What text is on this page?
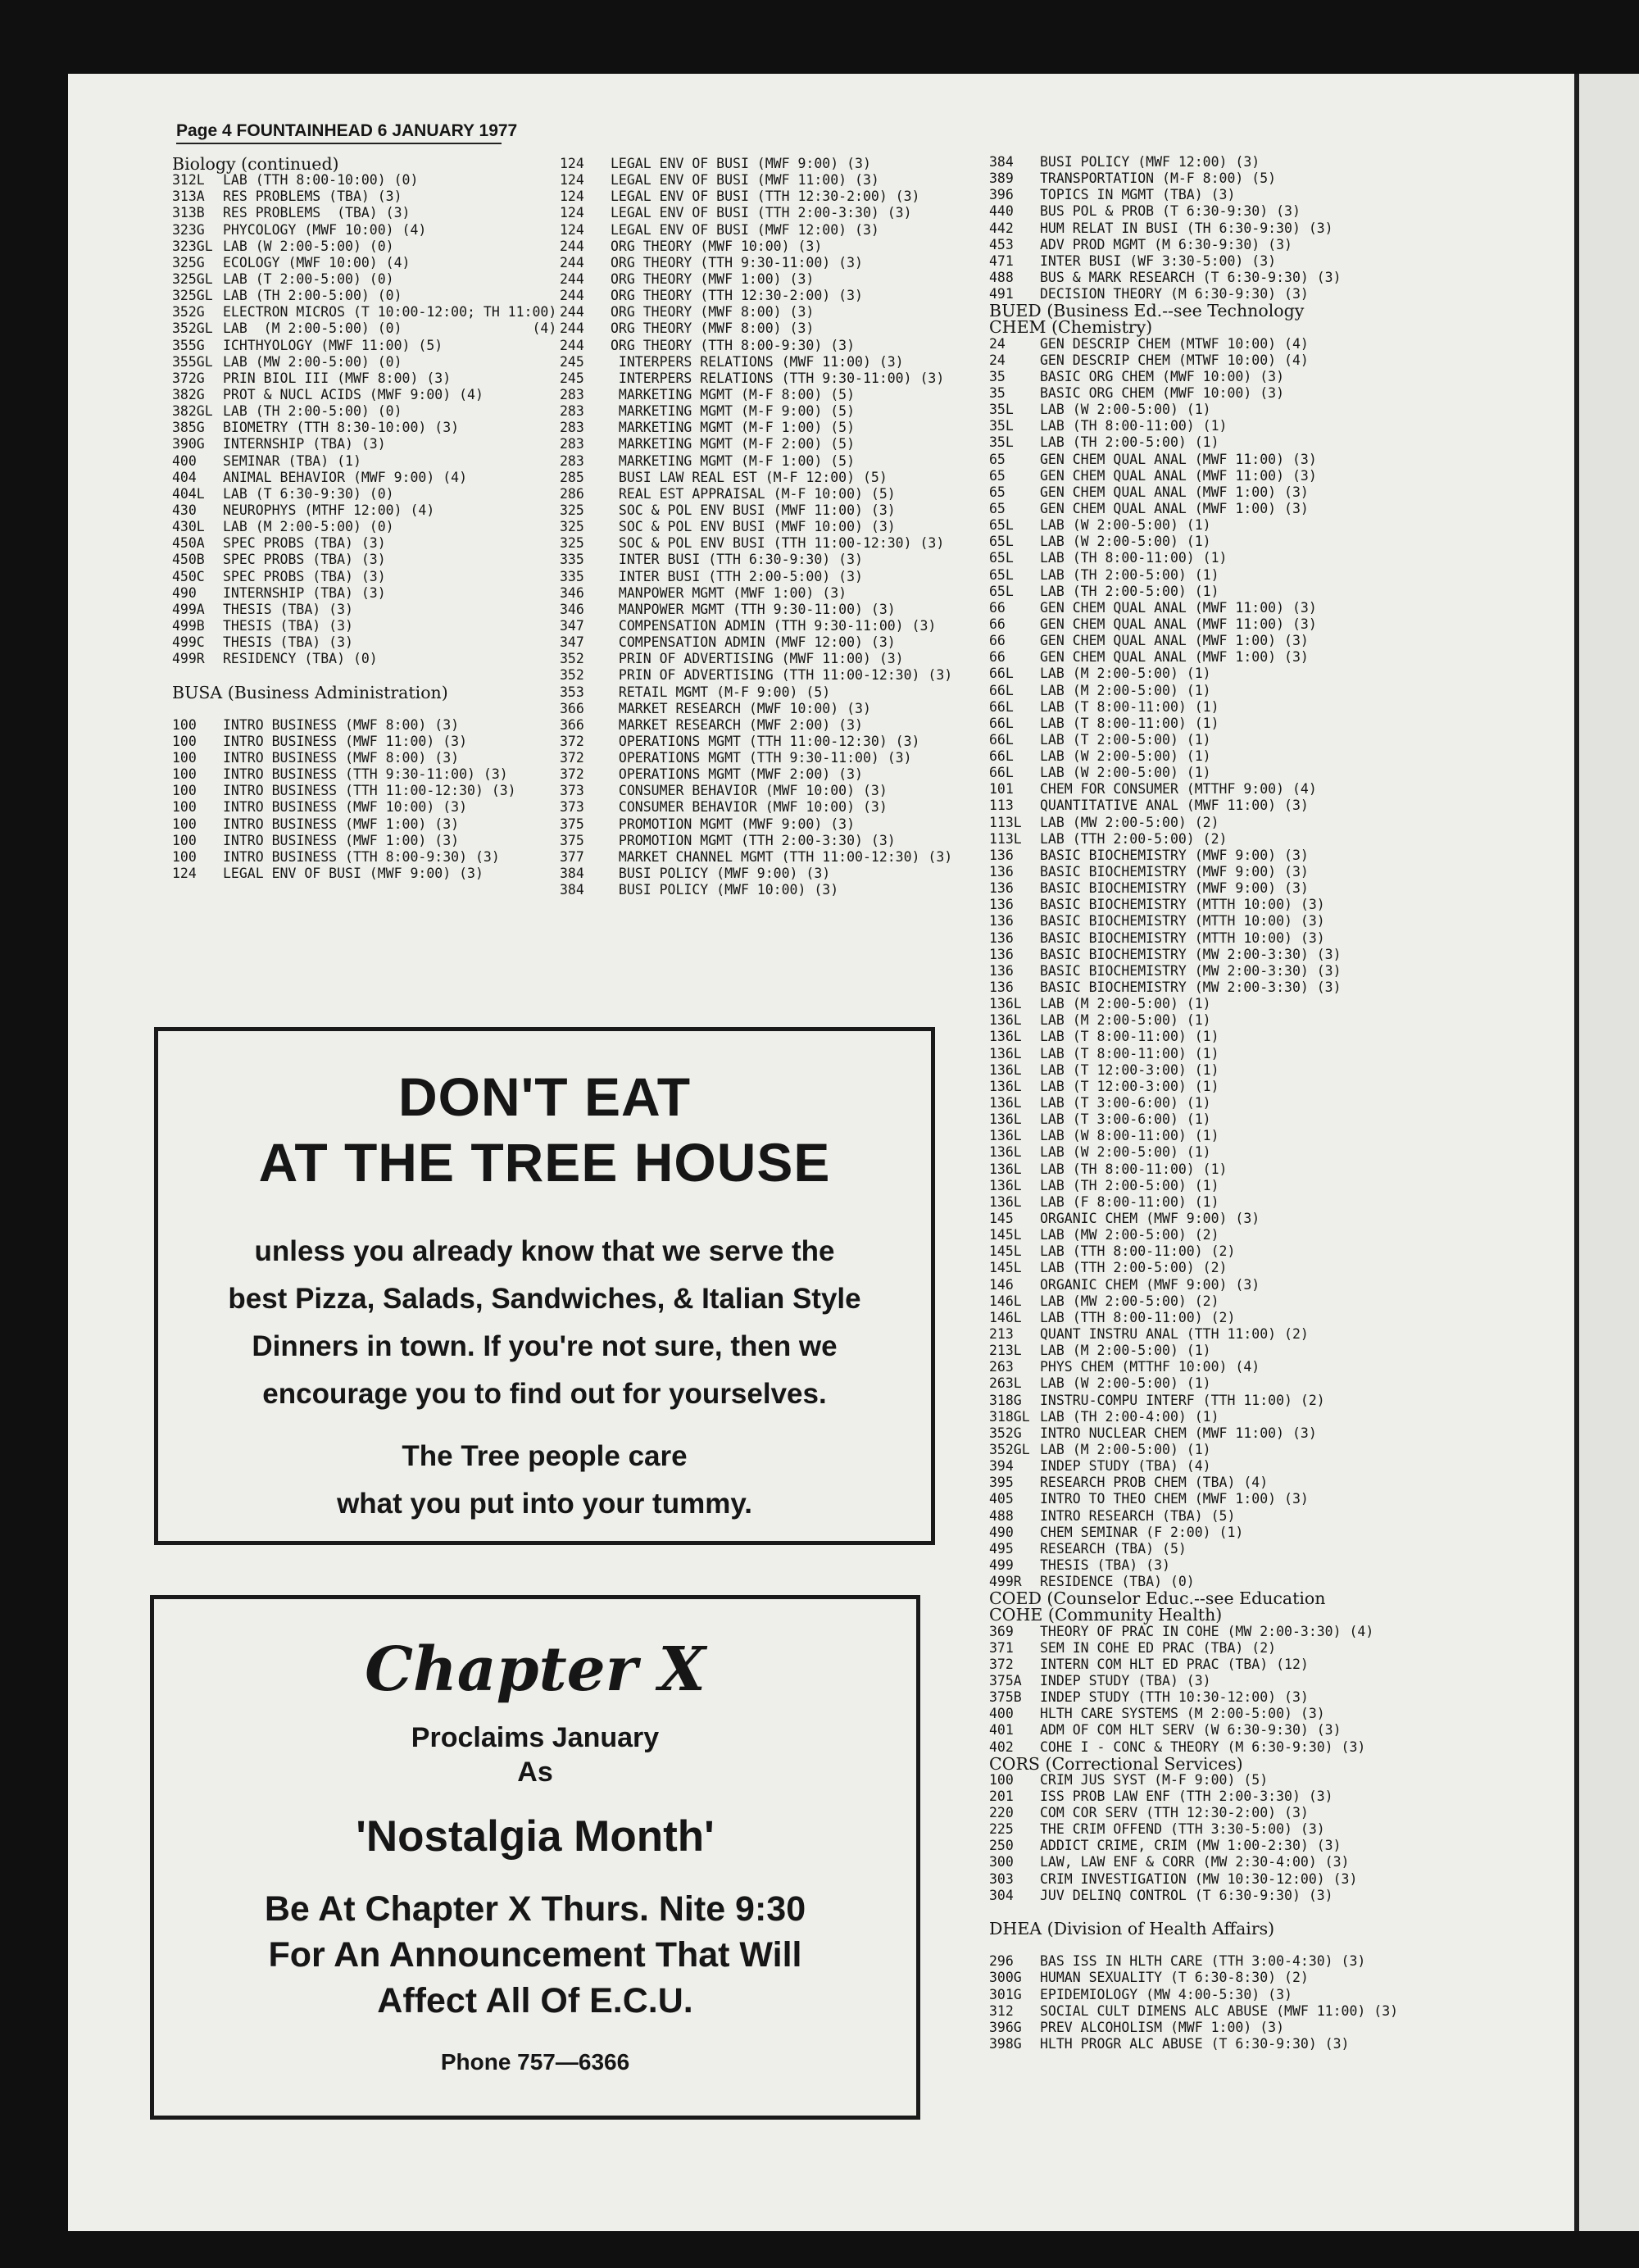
Page 4 FOUNTAINHEAD 6 JANUARY 1977
Biology (continued)
312L LAB (TTH 8:00-10:00) (0)
313A RES PROBLEMS (TBA) (3)
313B RES PROBLEMS  (TBA) (3)
323G PHYCOLOGY (MWF 10:00) (4)
323GL LAB (W 2:00-5:00) (0)
325G ECOLOGY (MWF 10:00) (4)
325GL LAB (T 2:00-5:00) (0)
325GL LAB (TH 2:00-5:00) (0)
352G ELECTRON MICROS (T 10:00-12:00; TH 11:00)
352GL LAB  (M 2:00-5:00) (0)                (4)
355G ICHTHYOLOGY (MWF 11:00) (5)
355GL LAB (MW 2:00-5:00) (0)
372G PRIN BIOL III (MWF 8:00) (3)
382G PROT & NUCL ACIDS (MWF 9:00) (4)
382GL LAB (TH 2:00-5:00) (0)
385G BIOMETRY (TTH 8:30-10:00) (3)
390G INTERNSHIP (TBA) (3)
400 SEMINAR (TBA) (1)
404 ANIMAL BEHAVIOR (MWF 9:00) (4)
404L LAB (T 6:30-9:30) (0)
430 NEUROPHYS (MTHF 12:00) (4)
430L LAB (M 2:00-5:00) (0)
450A SPEC PROBS (TBA) (3)
450B SPEC PROBS (TBA) (3)
450C SPEC PROBS (TBA) (3)
490 INTERNSHIP (TBA) (3)
499A THESIS (TBA) (3)
499B THESIS (TBA) (3)
499C THESIS (TBA) (3)
499R RESIDENCY (TBA) (0)
BUSA (Business Administration)
100 INTRO BUSINESS (MWF 8:00) (3)
100 INTRO BUSINESS (MWF 11:00) (3)
100 INTRO BUSINESS (MWF 8:00) (3)
100 INTRO BUSINESS (TTH 9:30-11:00) (3)
100 INTRO BUSINESS (TTH 11:00-12:30) (3)
100 INTRO BUSINESS (MWF 10:00) (3)
100 INTRO BUSINESS (MWF 1:00) (3)
100 INTRO BUSINESS (MWF 1:00) (3)
100 INTRO BUSINESS (TTH 8:00-9:30) (3)
124 LEGAL ENV OF BUSI (MWF 9:00) (3)
124 LEGAL ENV OF BUSI (MWF 9:00) (3)
124 LEGAL ENV OF BUSI (MWF 11:00) (3)
124 LEGAL ENV OF BUSI (TTH 12:30-2:00) (3)
124 LEGAL ENV OF BUSI (TTH 2:00-3:30) (3)
124 LEGAL ENV OF BUSI (MWF 12:00) (3)
244 ORG THEORY (MWF 10:00) (3)
244 ORG THEORY (TTH 9:30-11:00) (3)
244 ORG THEORY (MWF 1:00) (3)
244 ORG THEORY (TTH 12:30-2:00) (3)
244 ORG THEORY (MWF 8:00) (3)
244 ORG THEORY (MWF 8:00) (3)
244 ORG THEORY (TTH 8:00-9:30) (3)
245 INTERPERS RELATIONS (MWF 11:00) (3)
245 INTERPERS RELATIONS (TTH 9:30-11:00) (3)
283 MARKETING MGMT (M-F 8:00) (5)
283 MARKETING MGMT (M-F 9:00) (5)
283 MARKETING MGMT (M-F 1:00) (5)
283 MARKETING MGMT (M-F 2:00) (5)
283 MARKETING MGMT (M-F 1:00) (5)
285 BUSI LAW REAL EST (M-F 12:00) (5)
286 REAL EST APPRAISAL (M-F 10:00) (5)
325 SOC & POL ENV BUSI (MWF 11:00) (3)
325 SOC & POL ENV BUSI (MWF 10:00) (3)
325 SOC & POL ENV BUSI (TTH 11:00-12:30) (3)
335 INTER BUSI (TTH 6:30-9:30) (3)
335 INTER BUSI (TTH 2:00-5:00) (3)
346 MANPOWER MGMT (MWF 1:00) (3)
346 MANPOWER MGMT (TTH 9:30-11:00) (3)
347 COMPENSATION ADMIN (TTH 9:30-11:00) (3)
347 COMPENSATION ADMIN (MWF 12:00) (3)
352 PRIN OF ADVERTISING (MWF 11:00) (3)
352 PRIN OF ADVERTISING (TTH 11:00-12:30) (3)
353 RETAIL MGMT (M-F 9:00) (5)
366 MARKET RESEARCH (MWF 10:00) (3)
366 MARKET RESEARCH (MWF 2:00) (3)
372 OPERATIONS MGMT (TTH 11:00-12:30) (3)
372 OPERATIONS MGMT (TTH 9:30-11:00) (3)
372 OPERATIONS MGMT (MWF 2:00) (3)
373 CONSUMER BEHAVIOR (MWF 10:00) (3)
373 CONSUMER BEHAVIOR (MWF 10:00) (3)
375 PROMOTION MGMT (MWF 9:00) (3)
375 PROMOTION MGMT (TTH 2:00-3:30) (3)
377 MARKET CHANNEL MGMT (TTH 11:00-12:30) (3)
384 BUSI POLICY (MWF 9:00) (3)
384 BUSI POLICY (MWF 10:00) (3)
384 BUSI POLICY (MWF 12:00) (3)
389 TRANSPORTATION (M-F 8:00) (5)
396 TOPICS IN MGMT (TBA) (3)
440 BUS POL & PROB (T 6:30-9:30) (3)
442 HUM RELAT IN BUSI (TH 6:30-9:30) (3)
453 ADV PROD MGMT (M 6:30-9:30) (3)
471 INTER BUSI (WF 3:30-5:00) (3)
488 BUS & MARK RESEARCH (T 6:30-9:30) (3)
491 DECISION THEORY (M 6:30-9:30) (3)
BUED (Business Ed.--see Technology
CHEM (Chemistry)
24	GEN DESCRIP CHEM (MTWF 10:00) (4)
24	GEN DESCRIP CHEM (MTWF 10:00) (4)
35	BASIC ORG CHEM (MWF 10:00) (3)
35	BASIC ORG CHEM (MWF 10:00) (3)
35L LAB (W 2:00-5:00) (1)
35L LAB (TH 8:00-11:00) (1)
35L LAB (TH 2:00-5:00) (1)
65	GEN CHEM QUAL ANAL (MWF 11:00) (3)
65	GEN CHEM QUAL ANAL (MWF 11:00) (3)
65	GEN CHEM QUAL ANAL (MWF 1:00) (3)
65	GEN CHEM QUAL ANAL (MWF 1:00) (3)
65L LAB (W 2:00-5:00) (1)
65L LAB (W 2:00-5:00) (1)
65L LAB (TH 8:00-11:00) (1)
65L LAB (TH 2:00-5:00) (1)
65L LAB (TH 2:00-5:00) (1)
66	GEN CHEM QUAL ANAL (MWF 11:00) (3)
66	GEN CHEM QUAL ANAL (MWF 11:00) (3)
66	GEN CHEM QUAL ANAL (MWF 1:00) (3)
66	GEN CHEM QUAL ANAL (MWF 1:00) (3)
66L LAB (M 2:00-5:00) (1)
66L LAB (M 2:00-5:00) (1)
66L LAB (T 8:00-11:00) (1)
66L LAB (T 8:00-11:00) (1)
66L LAB (T 2:00-5:00) (1)
66L LAB (W 2:00-5:00) (1)
66L LAB (W 2:00-5:00) (1)
101 CHEM FOR CONSUMER (MTTHF 9:00) (4)
113 QUANTITATIVE ANAL (MWF 11:00) (3)
113L LAB (MW 2:00-5:00) (2)
113L LAB (TTH 2:00-5:00) (2)
136 BASIC BIOCHEMISTRY (MWF 9:00) (3)
136 BASIC BIOCHEMISTRY (MWF 9:00) (3)
136 BASIC BIOCHEMISTRY (MWF 9:00) (3)
136 BASIC BIOCHEMISTRY (MTTH 10:00) (3)
136 BASIC BIOCHEMISTRY (MTTH 10:00) (3)
136 BASIC BIOCHEMISTRY (MTTH 10:00) (3)
136 BASIC BIOCHEMISTRY (MW 2:00-3:30) (3)
136 BASIC BIOCHEMISTRY (MW 2:00-3:30) (3)
136 BASIC BIOCHEMISTRY (MW 2:00-3:30) (3)
136L LAB (M 2:00-5:00) (1)
136L LAB (M 2:00-5:00) (1)
136L LAB (T 8:00-11:00) (1)
136L LAB (T 8:00-11:00) (1)
136L LAB (T 12:00-3:00) (1)
136L LAB (T 12:00-3:00) (1)
136L LAB (T 3:00-6:00) (1)
136L LAB (T 3:00-6:00) (1)
136L LAB (W 8:00-11:00) (1)
136L LAB (W 2:00-5:00) (1)
136L LAB (TH 8:00-11:00) (1)
136L LAB (TH 2:00-5:00) (1)
136L LAB (F 8:00-11:00) (1)
145 ORGANIC CHEM (MWF 9:00) (3)
145L LAB (MW 2:00-5:00) (2)
145L LAB (TTH 8:00-11:00) (2)
145L LAB (TTH 2:00-5:00) (2)
146 ORGANIC CHEM (MWF 9:00) (3)
146L LAB (MW 2:00-5:00) (2)
146L LAB (TTH 8:00-11:00) (2)
213 QUANT INSTRU ANAL (TTH 11:00) (2)
213L LAB (M 2:00-5:00) (1)
263 PHYS CHEM (MTTHF 10:00) (4)
263L LAB (W 2:00-5:00) (1)
318G INSTRU-COMPU INTERF (TTH 11:00) (2)
318GL LAB (TH 2:00-4:00) (1)
352G INTRO NUCLEAR CHEM (MWF 11:00) (3)
352GL LAB (M 2:00-5:00) (1)
394 INDEP STUDY (TBA) (4)
395 RESEARCH PROB CHEM (TBA) (4)
405 INTRO TO THEO CHEM (MWF 1:00) (3)
488 INTRO RESEARCH (TBA) (5)
490 CHEM SEMINAR (F 2:00) (1)
495 RESEARCH (TBA) (5)
499 THESIS (TBA) (3)
499R RESIDENCE (TBA) (0)
COED (Counselor Educ.--see Education
COHE (Community Health)
369 THEORY OF PRAC IN COHE (MW 2:00-3:30) (4)
371 SEM IN COHE ED PRAC (TBA) (2)
372 INTERN COM HLT ED PRAC (TBA) (12)
375A INDEP STUDY (TBA) (3)
375B INDEP STUDY (TTH 10:30-12:00) (3)
400 HLTH CARE SYSTEMS (M 2:00-5:00) (3)
401 ADM OF COM HLT SERV (W 6:30-9:30) (3)
402 COHE I - CONC & THEORY (M 6:30-9:30) (3)
CORS (Correctional Services)
100 CRIM JUS SYST (M-F 9:00) (5)
201 ISS PROB LAW ENF (TTH 2:00-3:30) (3)
220 COM COR SERV (TTH 12:30-2:00) (3)
225 THE CRIM OFFEND (TTH 3:30-5:00) (3)
250 ADDICT CRIME, CRIM (MW 1:00-2:30) (3)
300 LAW, LAW ENF & CORR (MW 2:30-4:00) (3)
303 CRIM INVESTIGATION (MW 10:30-12:00) (3)
304 JUV DELINQ CONTROL (T 6:30-9:30) (3)
DHEA (Division of Health Affairs)
296 BAS ISS IN HLTH CARE (TTH 3:00-4:30) (3)
300G HUMAN SEXUALITY (T 6:30-8:30) (2)
301G EPIDEMIOLOGY (MW 4:00-5:30) (3)
312 SOCIAL CULT DIMENS ALC ABUSE (MWF 11:00) (3)
396G PREV ALCOHOLISM (MWF 1:00) (3)
398G HLTH PROGR ALC ABUSE (T 6:30-9:30) (3)
DON'T EAT
AT THE TREE HOUSE
unless you already know that we serve the
best Pizza, Salads, Sandwiches, & Italian Style
Dinners in town. If you're not sure, then we
encourage you to find out for yourselves.
The Tree people care
what you put into your tummy.
Chapter X
Proclaims January
As
'Nostalgia Month'
Be At Chapter X Thurs. Nite 9:30
For An Announcement That Will
Affect All Of E.C.U.
Phone 757—6366
